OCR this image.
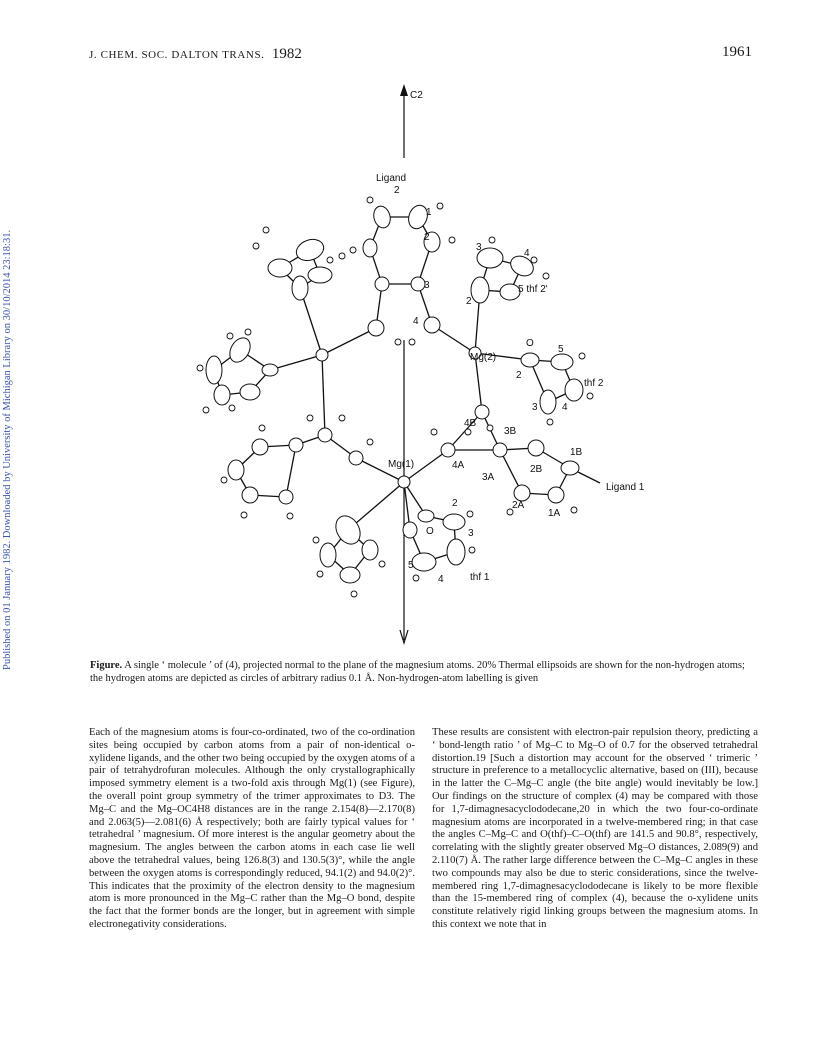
J. CHEM. SOC. DALTON TRANS. 1982	1961
Published on 01 January 1982. Downloaded by University of Michigan Library on 30/10/2014 23:18:31.
C2
Ligand
2
1
2
3
4
Mg(2)
3
4
5 thf 2'
2
O
5
2
thf 2
3 4
4B
3B
2B
1B
Ligand 1
Mg(1)	4A
3A
2A
1A
2
O	3
5
4	thf 1
Figure. A single ‘ molecule ’ of (4), projected normal to the plane of the magnesium atoms. 20% Thermal ellipsoids are shown for the non-hydrogen atoms; the hydrogen atoms are depicted as circles of arbitrary radius 0.1 Å. Non-hydrogen-atom labelling is given
Each of the magnesium atoms is four-co-ordinated, two of the co-ordination sites being occupied by carbon atoms from a pair of non-identical o-xylidene ligands, and the other two being occupied by the oxygen atoms of a pair of tetrahydrofuran molecules. Although the only crystallographically imposed symmetry element is a two-fold axis through Mg(1) (see Figure), the overall point group symmetry of the trimer approximates to D3. The Mg–C and the Mg–OC4H8 distances are in the range 2.154(8)—2.170(8) and 2.063(5)—2.081(6) Å respectively; both are fairly typical values for ‘ tetrahedral ’ magnesium. Of more interest is the angular geometry about the magnesium. The angles between the carbon atoms in each case lie well above the tetrahedral values, being 126.8(3) and 130.5(3)°, while the angle between the oxygen atoms is correspondingly reduced, 94.1(2) and 94.0(2)°. This indicates that the proximity of the electron density to the magnesium atom is more pronounced in the Mg–C rather than the Mg–O bond, despite the fact that the former bonds are the longer, but in agreement with simple electronegativity considerations.
These results are consistent with electron-pair repulsion theory, predicting a ‘ bond-length ratio ’ of Mg–C to Mg–O of 0.7 for the observed tetrahedral distortion.19 [Such a distortion may account for the observed ‘ trimeric ’ structure in preference to a metallocyclic alternative, based on (III), because in the latter the C–Mg–C angle (the bite angle) would inevitably be low.] Our findings on the structure of complex (4) may be compared with those for 1,7-dimagnesacyclododecane,20 in which the two four-co-ordinate magnesium atoms are incorporated in a twelve-membered ring; in that case the angles C–Mg–C and O(thf)–C–O(thf) are 141.5 and 90.8°, respectively, correlating with the slightly greater observed Mg–O distances, 2.089(9) and 2.110(7) Å. The rather large difference between the C–Mg–C angles in these two compounds may also be due to steric considerations, since the twelve-membered ring 1,7-dimagnesacyclododecane is likely to be more flexible than the 15-membered ring of complex (4), because the o-xylidene units constitute relatively rigid linking groups between the magnesium atoms. In this context we note that in
